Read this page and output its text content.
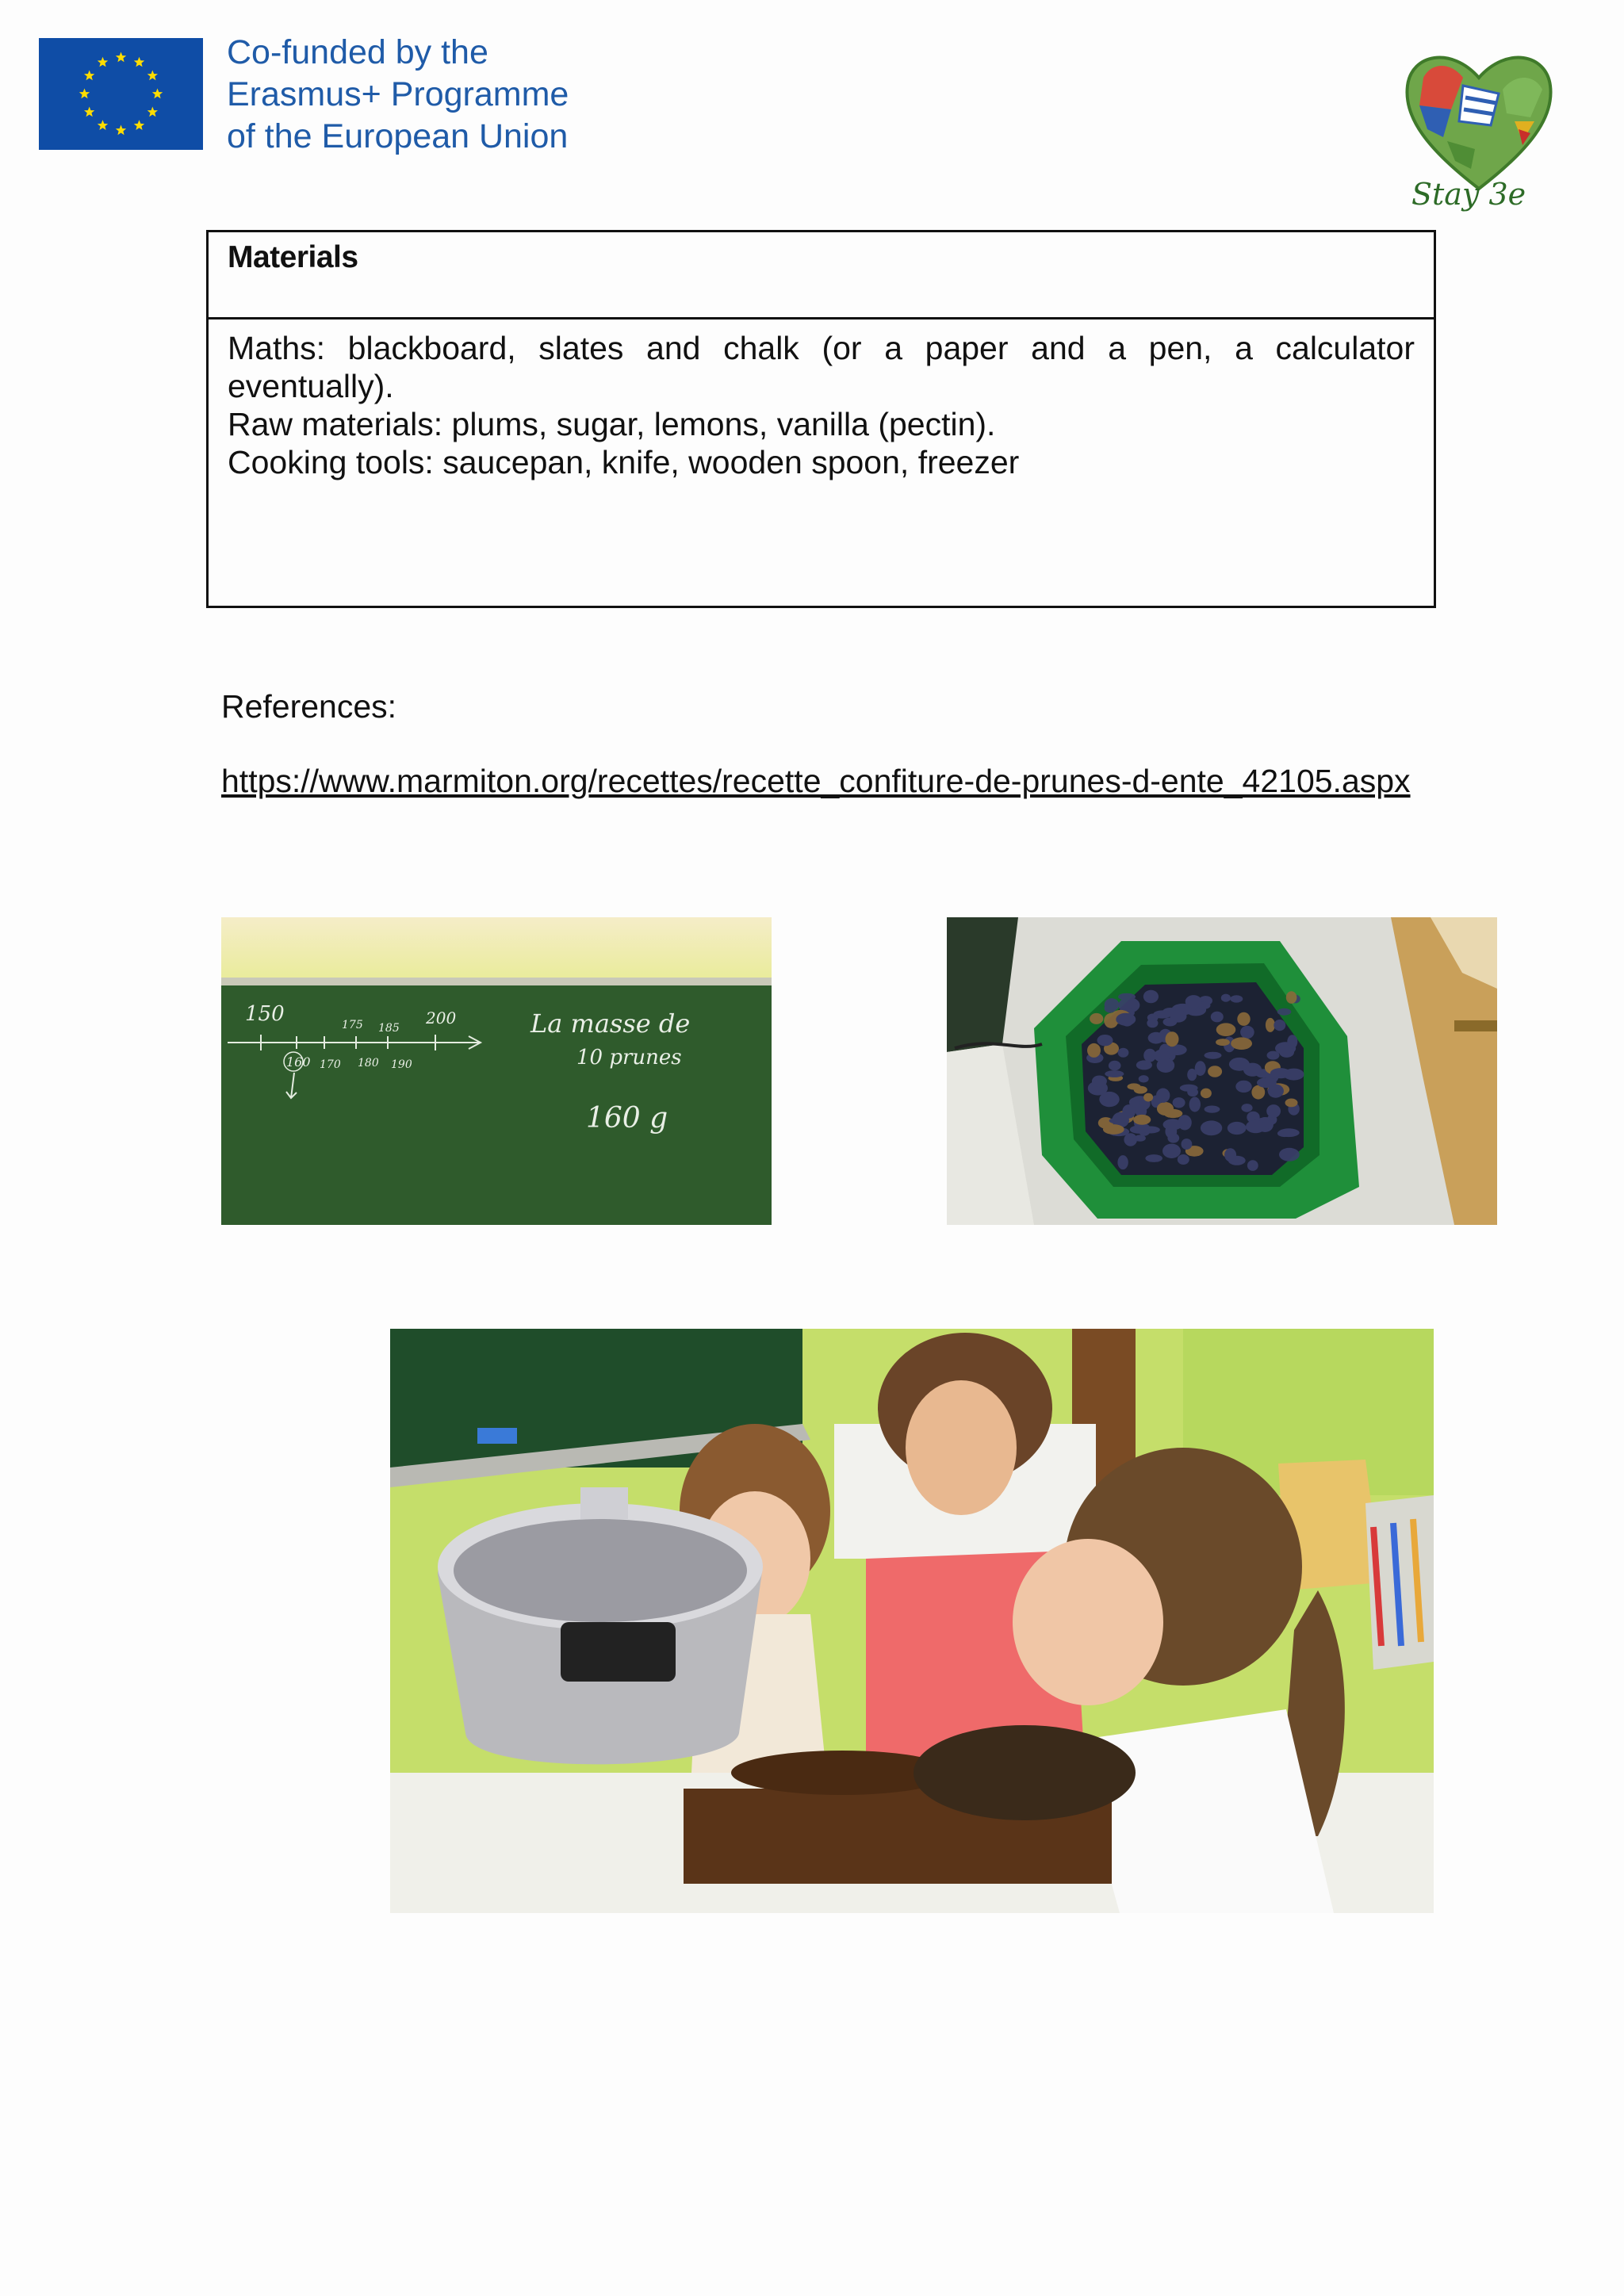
Co-funded by the
Erasmus+ Programme
of the European Union
Stay 3e
Materials

Maths: blackboard, slates and chalk (or a paper and a pen, a calculator eventually).

Raw materials: plums, sugar, lemons, vanilla (pectin).

Cooking tools: saucepan, knife, wooden spoon, freezer

References:
https://www.marmiton.org/recettes/recette_confiture-de-prunes-d-ente_42105.aspx
150	175 185
200
160 170 180 190
La masse de
10 prunes
160 g
